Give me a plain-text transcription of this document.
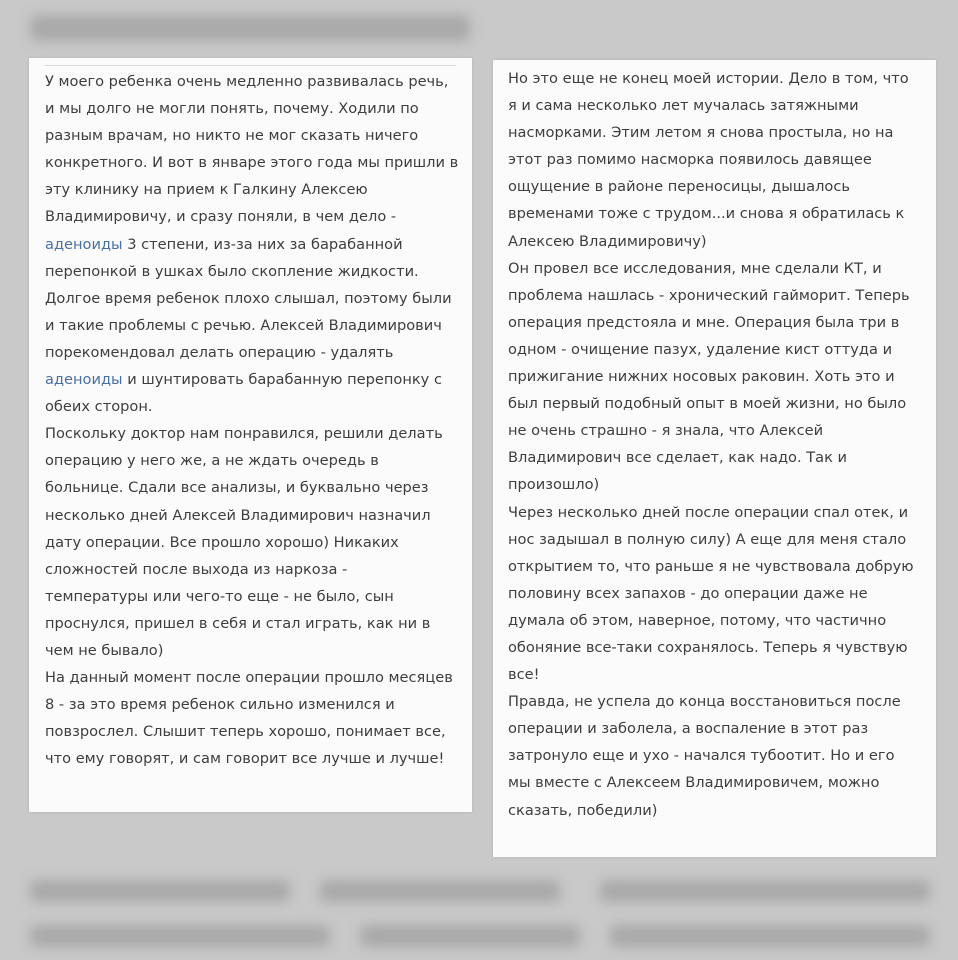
У моего ребенка очень медленно развивалась речь,
и мы долго не могли понять, почему. Ходили по
разным врачам, но никто не мог сказать ничего
конкретного. И вот в январе этого года мы пришли в
эту клинику на прием к Галкину Алексею
Владимировичу, и сразу поняли, в чем дело -
аденоиды 3 степени, из-за них за барабанной
перепонкой в ушках было скопление жидкости.
Долгое время ребенок плохо слышал, поэтому были
и такие проблемы с речью. Алексей Владимирович
порекомендовал делать операцию - удалять
аденоиды и шунтировать барабанную перепонку с
обеих сторон.
Поскольку доктор нам понравился, решили делать
операцию у него же, а не ждать очередь в
больнице. Сдали все анализы, и буквально через
несколько дней Алексей Владимирович назначил
дату операции. Все прошло хорошо) Никаких
сложностей после выхода из наркоза -
температуры или чего-то еще - не было, сын
проснулся, пришел в себя и стал играть, как ни в
чем не бывало)
На данный момент после операции прошло месяцев
8 - за это время ребенок сильно изменился и
повзрослел. Слышит теперь хорошо, понимает все,
что ему говорят, и сам говорит все лучше и лучше!

Но это еще не конец моей истории. Дело в том, что
я и сама несколько лет мучалась затяжными
насморками. Этим летом я снова простыла, но на
этот раз помимо насморка появилось давящее
ощущение в районе переносицы, дышалось
временами тоже с трудом...и снова я обратилась к
Алексею Владимировичу)
Он провел все исследования, мне сделали КТ, и
проблема нашлась - хронический гайморит. Теперь
операция предстояла и мне. Операция была три в
одном - очищение пазух, удаление кист оттуда и
прижигание нижних носовых раковин. Хоть это и
был первый подобный опыт в моей жизни, но было
не очень страшно - я знала, что Алексей
Владимирович все сделает, как надо. Так и
произошло)
Через несколько дней после операции спал отек, и
нос задышал в полную силу) А еще для меня стало
открытием то, что раньше я не чувствовала добрую
половину всех запахов - до операции даже не
думала об этом, наверное, потому, что частично
обоняние все-таки сохранялось. Теперь я чувствую
все!
Правда, не успела до конца восстановиться после
операции и заболела, а воспаление в этот раз
затронуло еще и ухо - начался тубоотит. Но и его
мы вместе с Алексеем Владимировичем, можно
сказать, победили)
